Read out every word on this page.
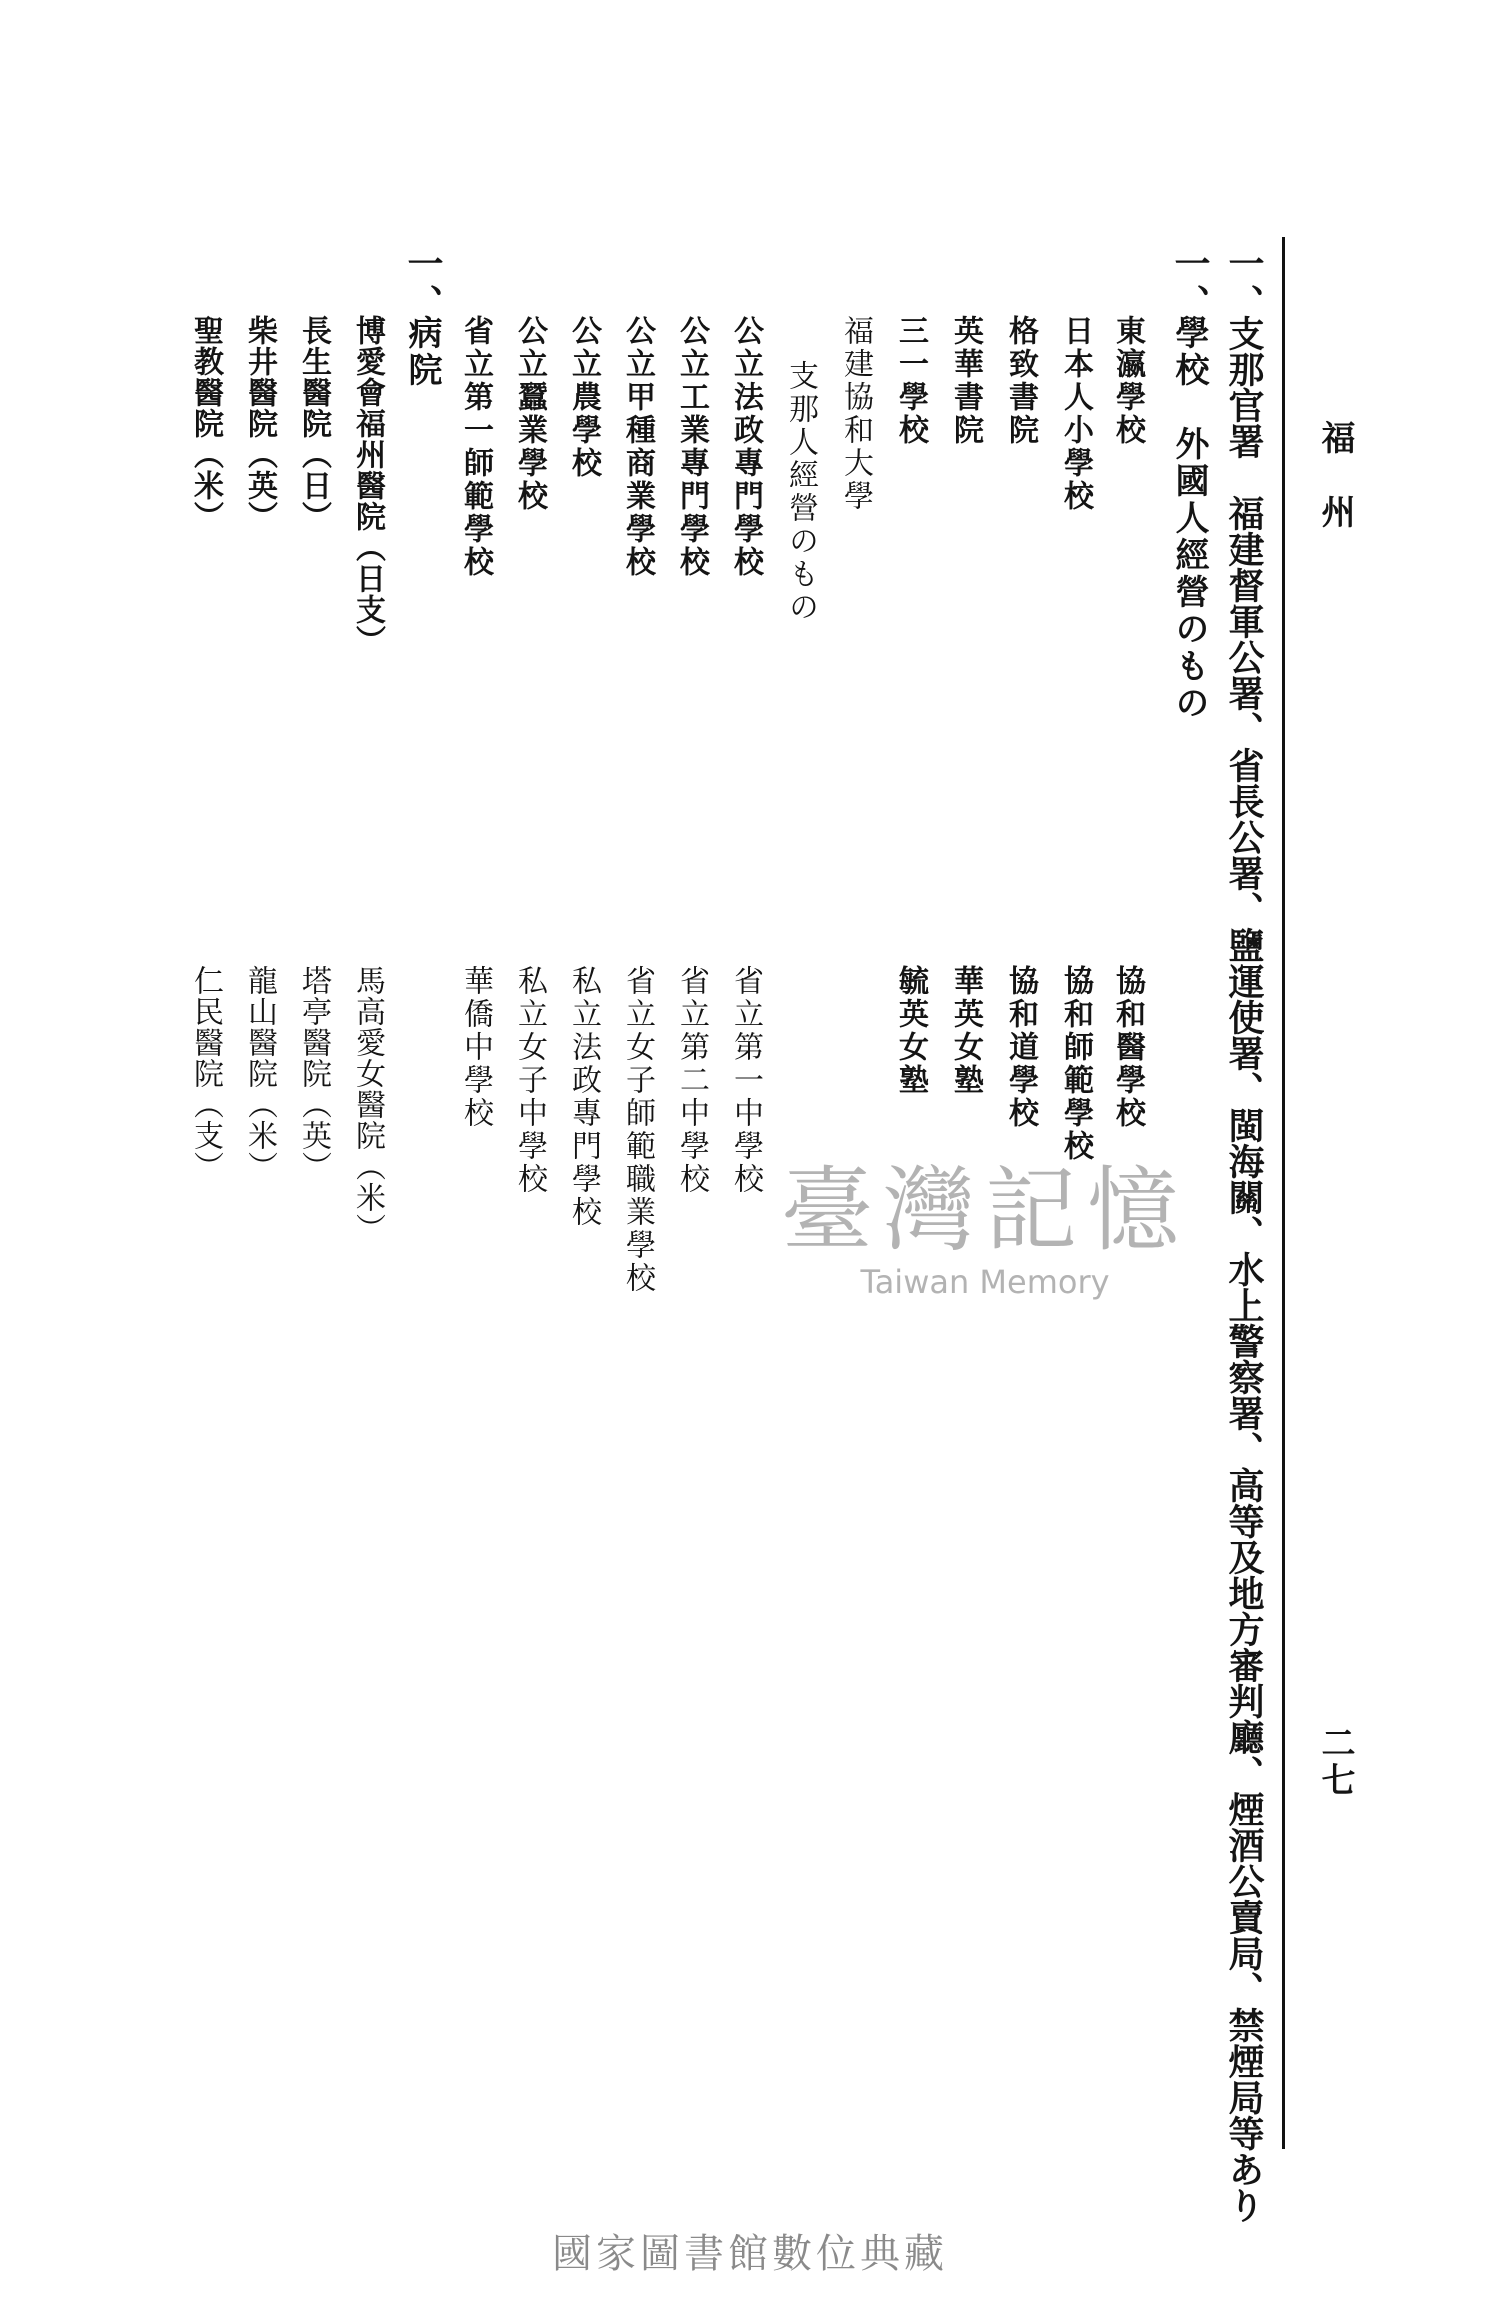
福州
二七
一、
支那官署　福建督軍公署、省長公署、鹽運使署、閩海關、水上警察署、高等及地方審判廳、煙酒公賣局、禁煙局等あり
一、
學校　外國人經營のもの
東瀛學校
日本人小學校
格致書院
英華書院
三一學校
福建協和大學
協和醫學校
協和師範學校
協和道學校
華英女塾
毓英女塾
支那人經營のもの
公立法政專門學校
公立工業專門學校
公立甲種商業學校
公立農學校
公立蠶業學校
省立第一師範學校
省立第一中學校
省立第二中學校
省立女子師範職業學校
私立法政專門學校
私立女子中學校
華僑中學校
一、
病院
博愛會福州醫院（日支）
長生醫院（日）
柴井醫院（英）
聖教醫院（米）
馬高愛女醫院（米）
塔亭醫院（英）
龍山醫院（米）
仁民醫院（支）
臺灣記憶
Taiwan Memory
國家圖書館數位典藏
